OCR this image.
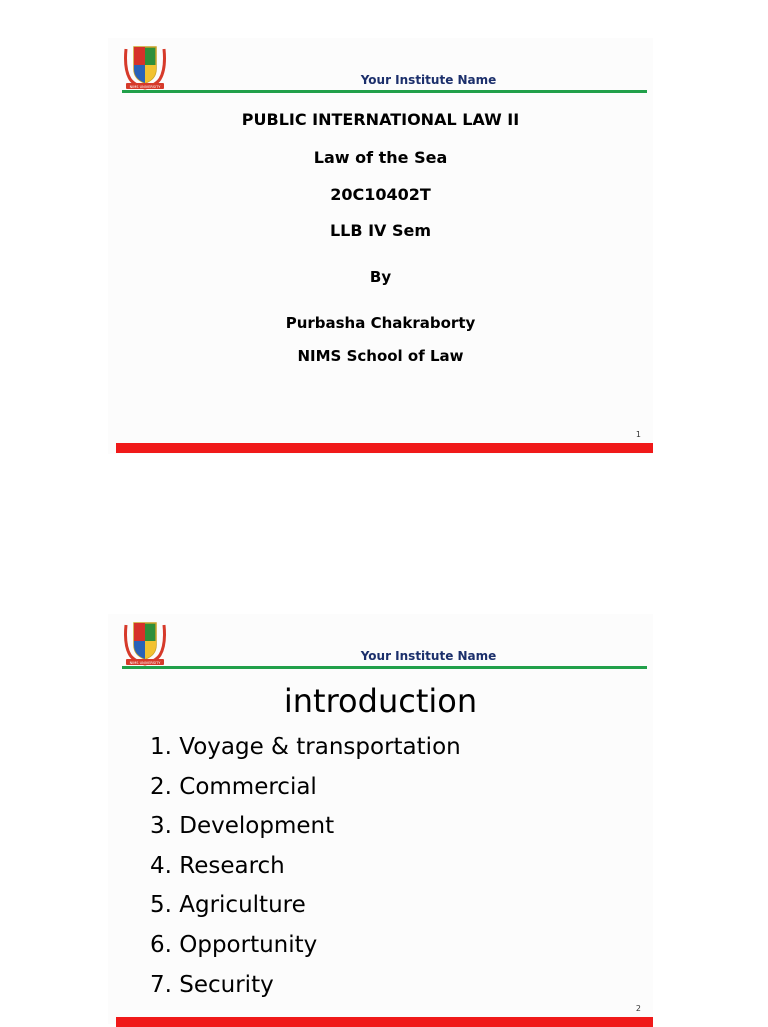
NIMS UNIVERSITY	Your Institute Name
PUBLIC INTERNATIONAL LAW II
Law of the Sea
20C10402T
LLB IV Sem
By
Purbasha Chakraborty
NIMS School of Law
1
NIMS UNIVERSITY	Your Institute Name
introduction
1. Voyage & transportation
2. Commercial
3. Development
4. Research
5. Agriculture
6. Opportunity
7. Security
2
